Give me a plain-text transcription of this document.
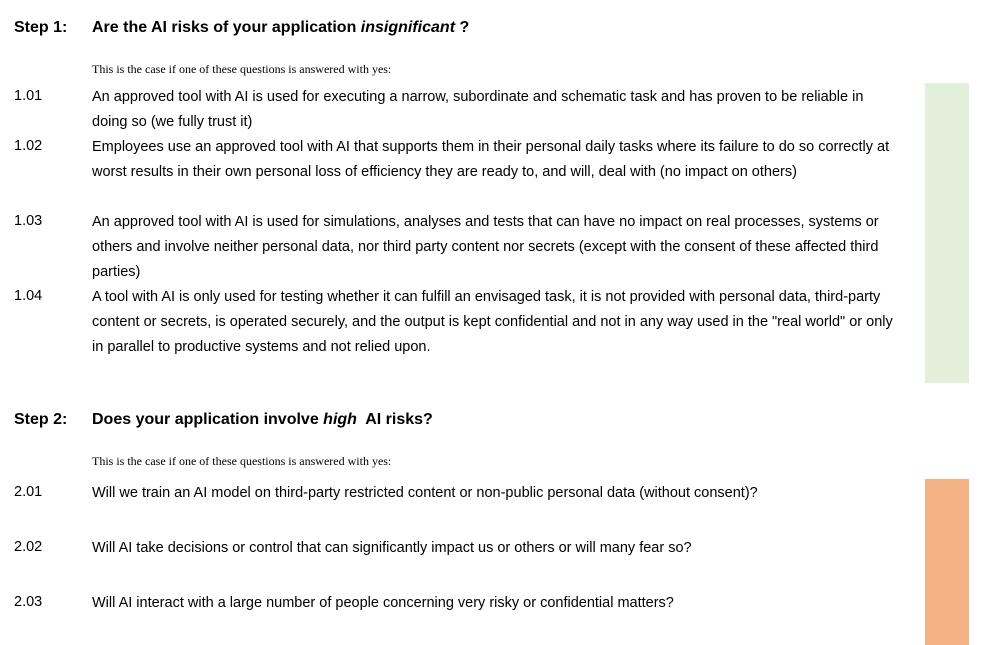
Step 1: Are the AI risks of your application insignificant ?
This is the case if one of these questions is answered with yes:
1.01	An approved tool with AI is used for executing a narrow, subordinate and schematic task and has proven to be reliable in doing so (we fully trust it)
1.02	Employees use an approved tool with AI that supports them in their personal daily tasks where its failure to do so correctly at worst results in their own personal loss of efficiency they are ready to, and will, deal with (no impact on others)
1.03	An approved tool with AI is used for simulations, analyses and tests that can have no impact on real processes, systems or others and involve neither personal data, nor third party content nor secrets (except with the consent of these affected third parties)
1.04	A tool with AI is only used for testing whether it can fulfill an envisaged task, it is not provided with personal data, third-party content or secrets, is operated securely, and the output is kept confidential and not in any way used in the "real world" or only in parallel to productive systems and not relied upon.
Step 2: Does your application involve high  AI risks?
This is the case if one of these questions is answered with yes:
2.01	Will we train an AI model on third-party restricted content or non-public personal data (without consent)?
2.02	Will AI take decisions or control that can significantly impact us or others or will many fear so?
2.03	Will AI interact with a large number of people concerning very risky or confidential matters?
